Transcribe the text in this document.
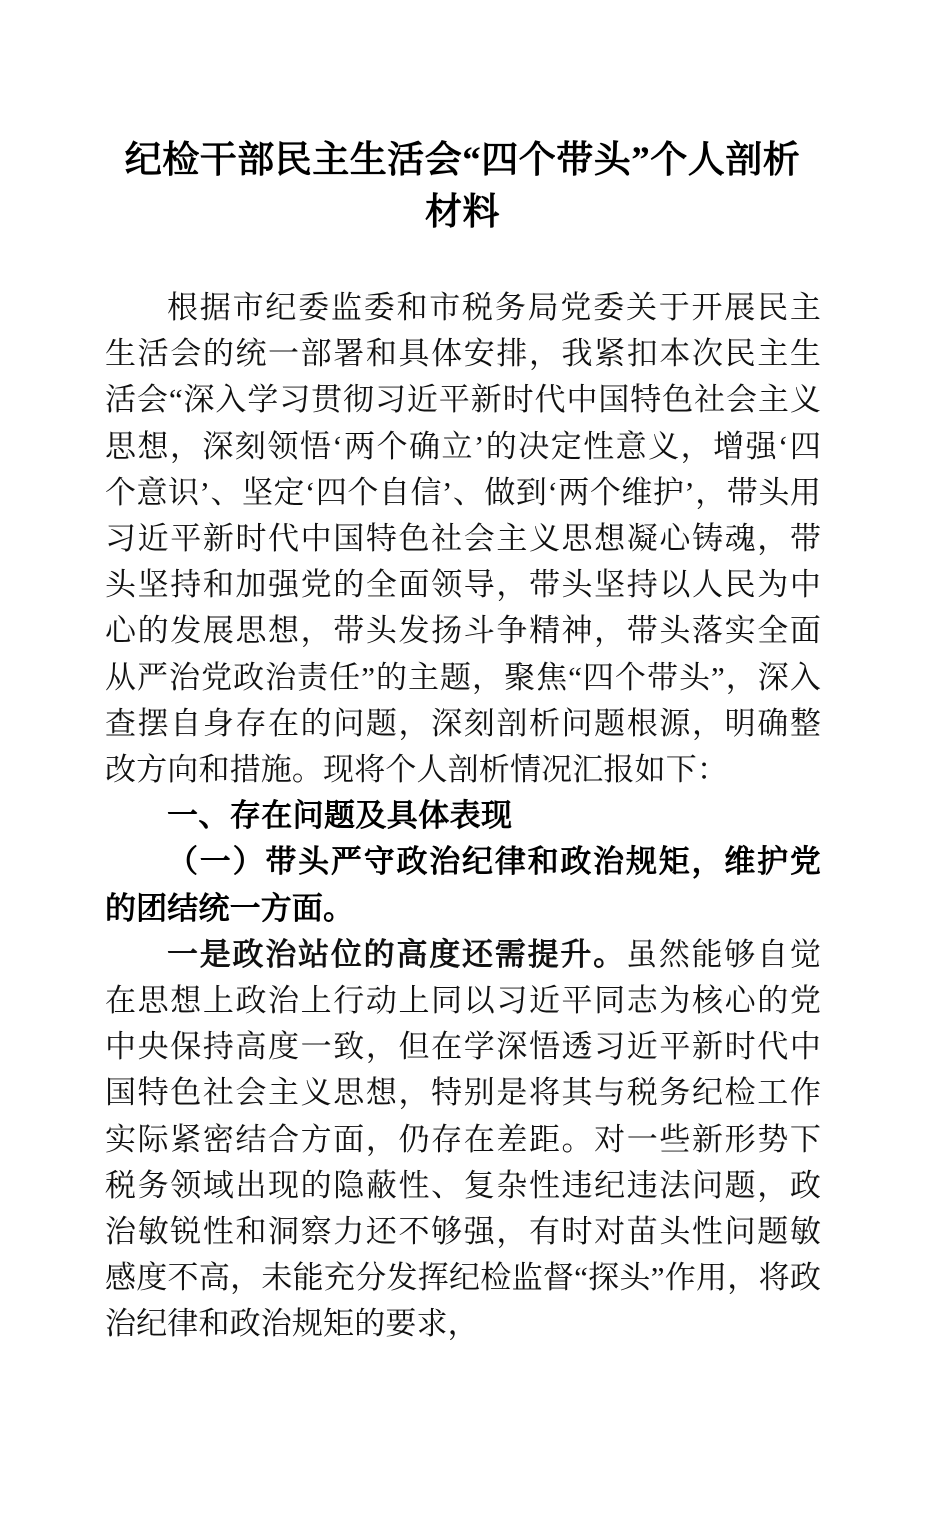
纪检干部民主生活会“四个带头”个人剖析材料

根据市纪委监委和市税务局党委关于开展民主生活会的统一部署和具体安排，我紧扣本次民主生活会“深入学习贯彻习近平新时代中国特色社会主义思想，深刻领悟‘两个确立’的决定性意义，增强‘四个意识’、坚定‘四个自信’、做到‘两个维护’，带头用习近平新时代中国特色社会主义思想凝心铸魂，带头坚持和加强党的全面领导，带头坚持以人民为中心的发展思想，带头发扬斗争精神，带头落实全面从严治党政治责任”的主题，聚焦“四个带头”，深入查摆自身存在的问题，深刻剖析问题根源，明确整改方向和措施。现将个人剖析情况汇报如下：

一、存在问题及具体表现

（一）带头严守政治纪律和政治规矩，维护党的团结统一方面。

一是政治站位的高度还需提升。虽然能够自觉在思想上政治上行动上同以习近平同志为核心的党中央保持高度一致，但在学深悟透习近平新时代中国特色社会主义思想，特别是将其与税务纪检工作实际紧密结合方面，仍存在差距。对一些新形势下税务领域出现的隐蔽性、复杂性违纪违法问题，政治敏锐性和洞察力还不够强，有时对苗头性问题敏感度不高，未能充分发挥纪检监督“探头”作用，将政治纪律和政治规矩的要求，
